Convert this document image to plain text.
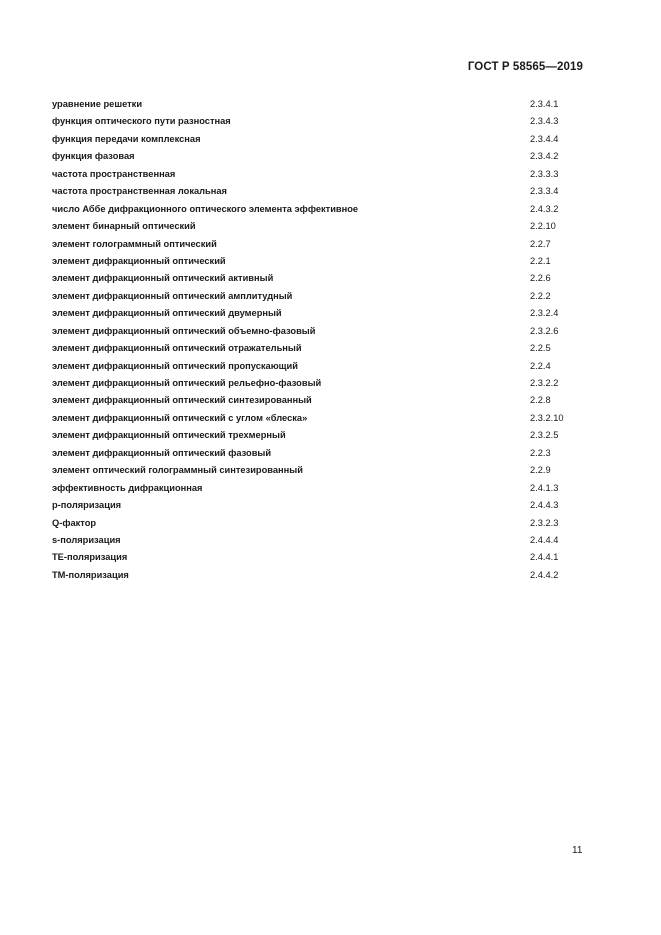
ГОСТ Р 58565—2019
уравнение решетки	2.3.4.1
функция оптического пути разностная	2.3.4.3
функция передачи комплексная	2.3.4.4
функция фазовая	2.3.4.2
частота пространственная	2.3.3.3
частота пространственная локальная	2.3.3.4
число Аббе дифракционного оптического элемента эффективное	2.4.3.2
элемент бинарный оптический	2.2.10
элемент голограммный оптический	2.2.7
элемент дифракционный оптический	2.2.1
элемент дифракционный оптический активный	2.2.6
элемент дифракционный оптический амплитудный	2.2.2
элемент дифракционный оптический двумерный	2.3.2.4
элемент дифракционный оптический объемно-фазовый	2.3.2.6
элемент дифракционный оптический отражательный	2.2.5
элемент дифракционный оптический пропускающий	2.2.4
элемент дифракционный оптический рельефно-фазовый	2.3.2.2
элемент дифракционный оптический синтезированный	2.2.8
элемент дифракционный оптический с углом «блеска»	2.3.2.10
элемент дифракционный оптический трехмерный	2.3.2.5
элемент дифракционный оптический фазовый	2.2.3
элемент оптический голограммный синтезированный	2.2.9
эффективность дифракционная	2.4.1.3
p-поляризация	2.4.4.3
Q-фактор	2.3.2.3
s-поляризация	2.4.4.4
ТЕ-поляризация	2.4.4.1
ТМ-поляризация	2.4.4.2
11
